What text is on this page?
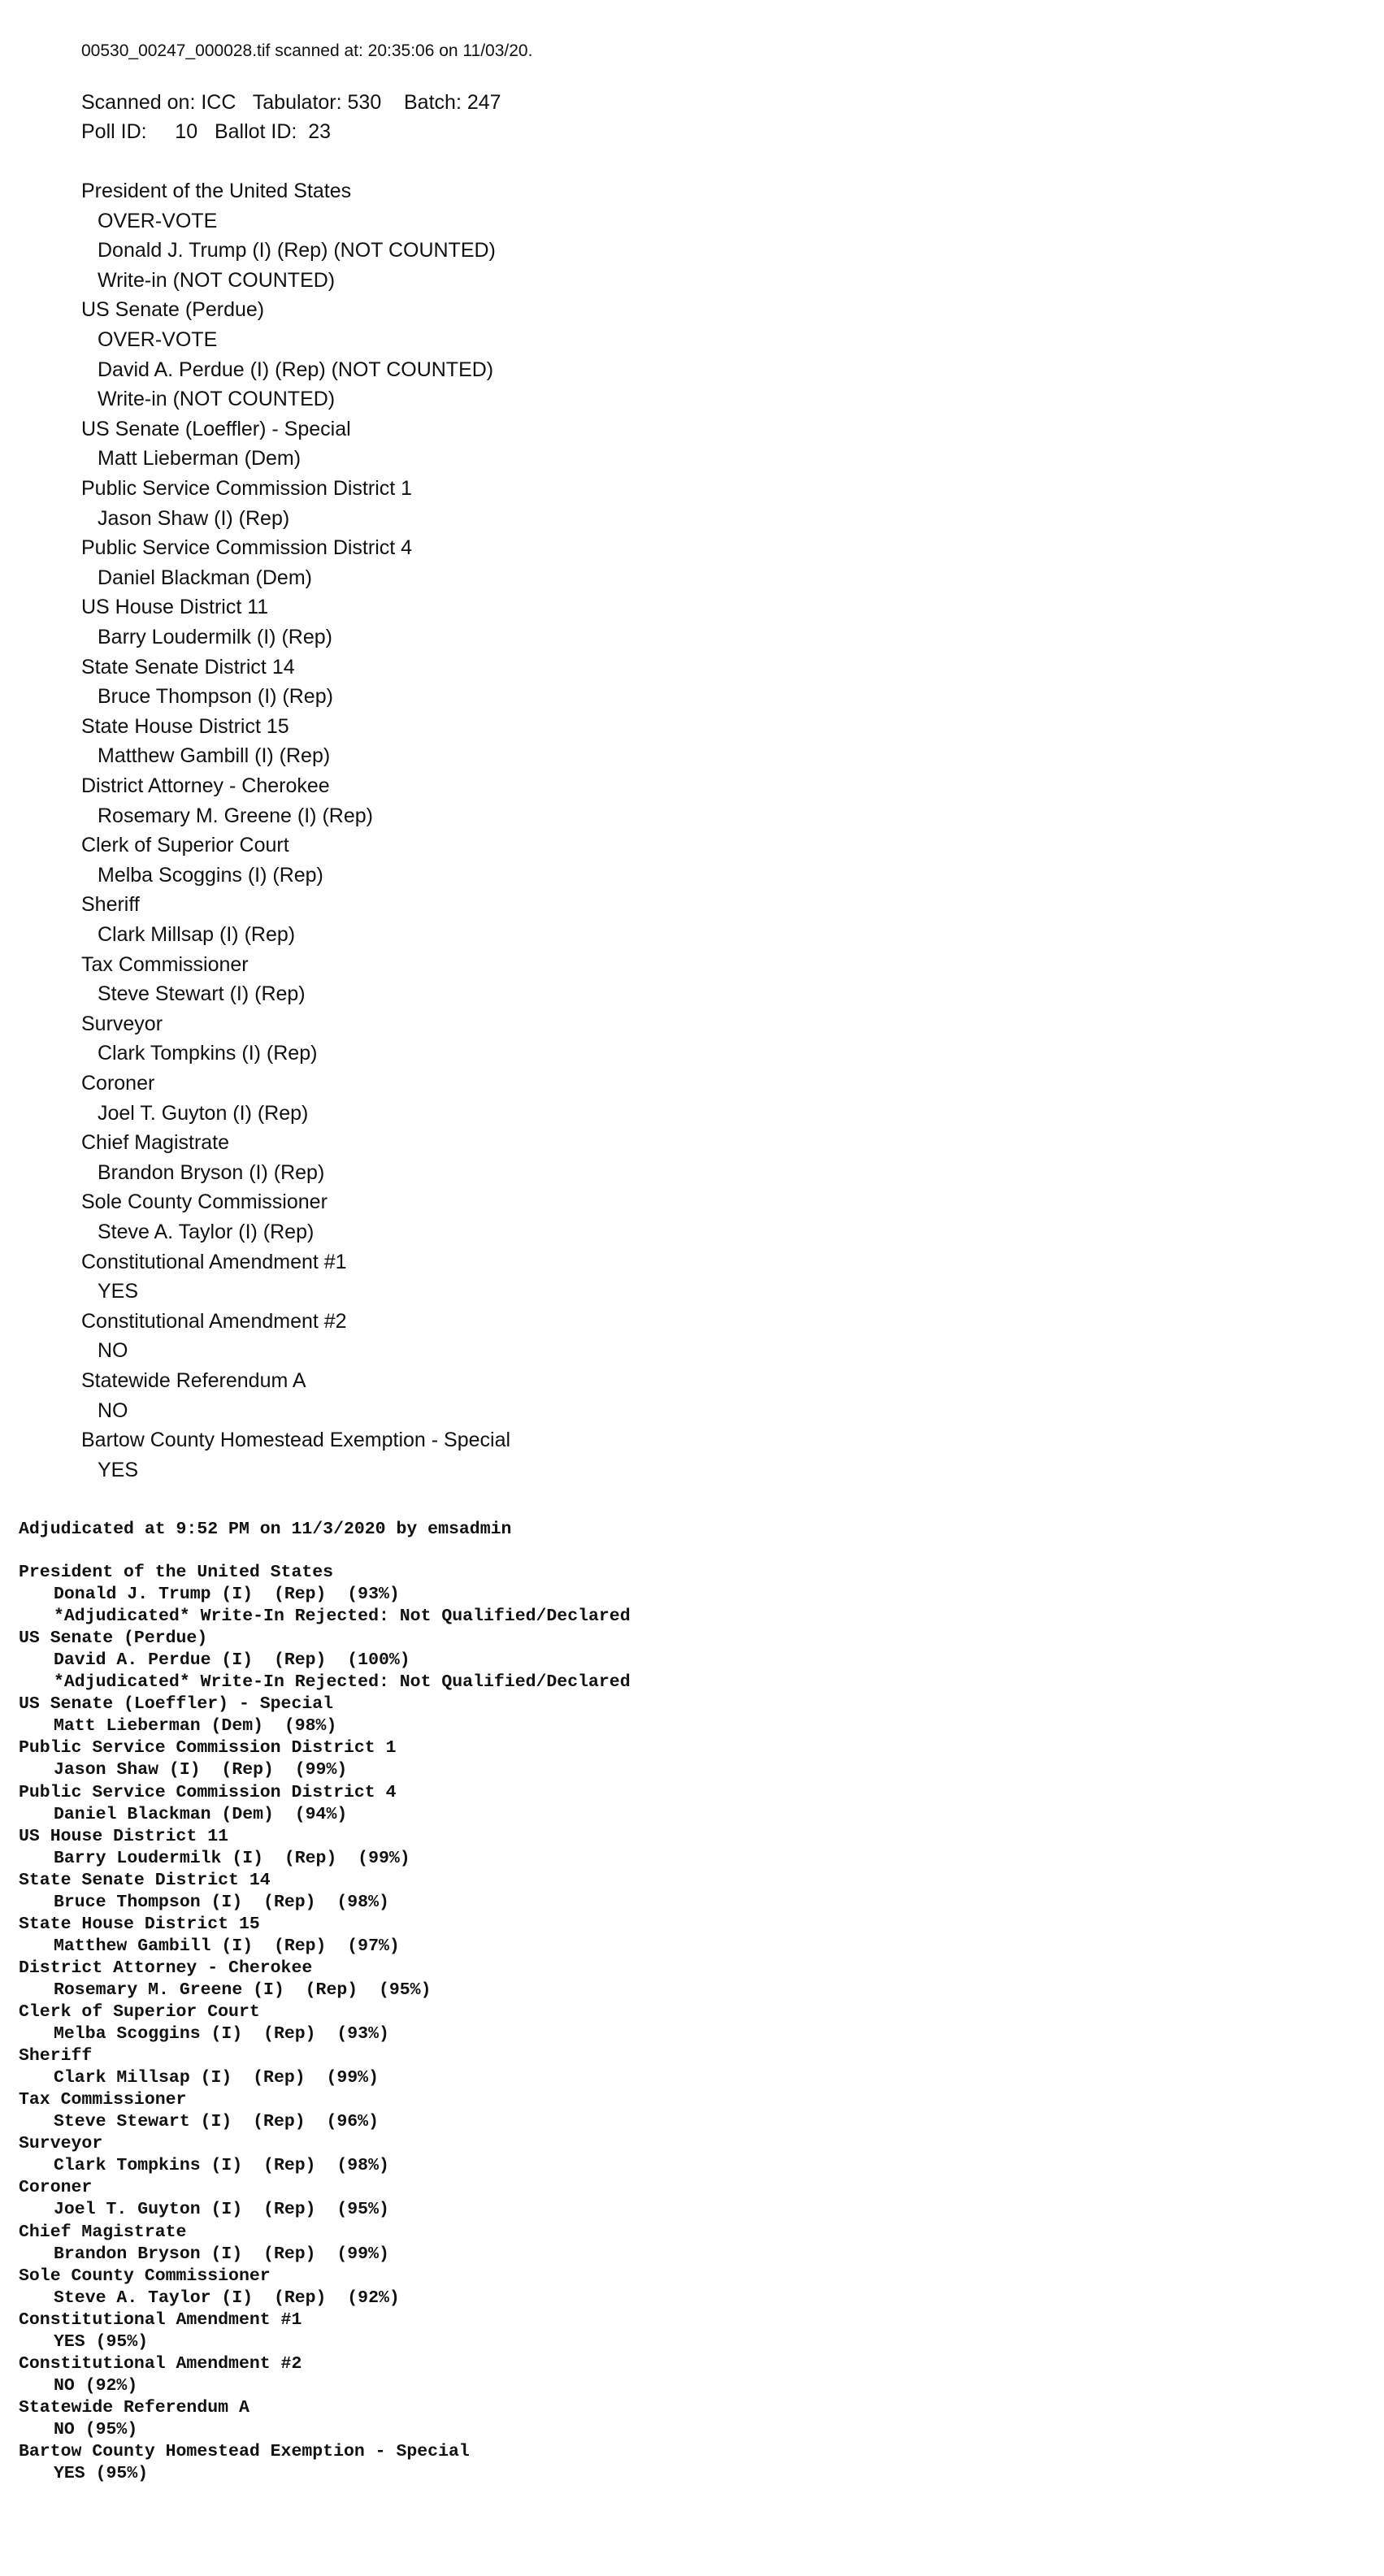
00530_00247_000028.tif scanned at: 20:35:06 on 11/03/20.
Scanned on: ICC   Tabulator: 530    Batch: 247
Poll ID:     10   Ballot ID:  23
President of the United States
OVER-VOTE
Donald J. Trump (I) (Rep) (NOT COUNTED)
Write-in (NOT COUNTED)
US Senate (Perdue)
OVER-VOTE
David A. Perdue (I) (Rep) (NOT COUNTED)
Write-in (NOT COUNTED)
US Senate (Loeffler) - Special
Matt Lieberman (Dem)
Public Service Commission District 1
Jason Shaw (I) (Rep)
Public Service Commission District 4
Daniel Blackman (Dem)
US House District 11
Barry Loudermilk (I) (Rep)
State Senate District 14
Bruce Thompson (I) (Rep)
State House District 15
Matthew Gambill (I) (Rep)
District Attorney - Cherokee
Rosemary M. Greene (I) (Rep)
Clerk of Superior Court
Melba Scoggins (I) (Rep)
Sheriff
Clark Millsap (I) (Rep)
Tax Commissioner
Steve Stewart (I) (Rep)
Surveyor
Clark Tompkins (I) (Rep)
Coroner
Joel T. Guyton (I) (Rep)
Chief Magistrate
Brandon Bryson (I) (Rep)
Sole County Commissioner
Steve A. Taylor (I) (Rep)
Constitutional Amendment #1
YES
Constitutional Amendment #2
NO
Statewide Referendum A
NO
Bartow County Homestead Exemption - Special
YES
Adjudicated at 9:52 PM on 11/3/2020 by emsadmin
President of the United States
Donald J. Trump (I)  (Rep)  (93%)
*Adjudicated* Write-In Rejected: Not Qualified/Declared
US Senate (Perdue)
David A. Perdue (I)  (Rep)  (100%)
*Adjudicated* Write-In Rejected: Not Qualified/Declared
US Senate (Loeffler) - Special
Matt Lieberman (Dem)  (98%)
Public Service Commission District 1
Jason Shaw (I)  (Rep)  (99%)
Public Service Commission District 4
Daniel Blackman (Dem)  (94%)
US House District 11
Barry Loudermilk (I)  (Rep)  (99%)
State Senate District 14
Bruce Thompson (I)  (Rep)  (98%)
State House District 15
Matthew Gambill (I)  (Rep)  (97%)
District Attorney - Cherokee
Rosemary M. Greene (I)  (Rep)  (95%)
Clerk of Superior Court
Melba Scoggins (I)  (Rep)  (93%)
Sheriff
Clark Millsap (I)  (Rep)  (99%)
Tax Commissioner
Steve Stewart (I)  (Rep)  (96%)
Surveyor
Clark Tompkins (I)  (Rep)  (98%)
Coroner
Joel T. Guyton (I)  (Rep)  (95%)
Chief Magistrate
Brandon Bryson (I)  (Rep)  (99%)
Sole County Commissioner
Steve A. Taylor (I)  (Rep)  (92%)
Constitutional Amendment #1
YES (95%)
Constitutional Amendment #2
NO (92%)
Statewide Referendum A
NO (95%)
Bartow County Homestead Exemption - Special
YES (95%)
